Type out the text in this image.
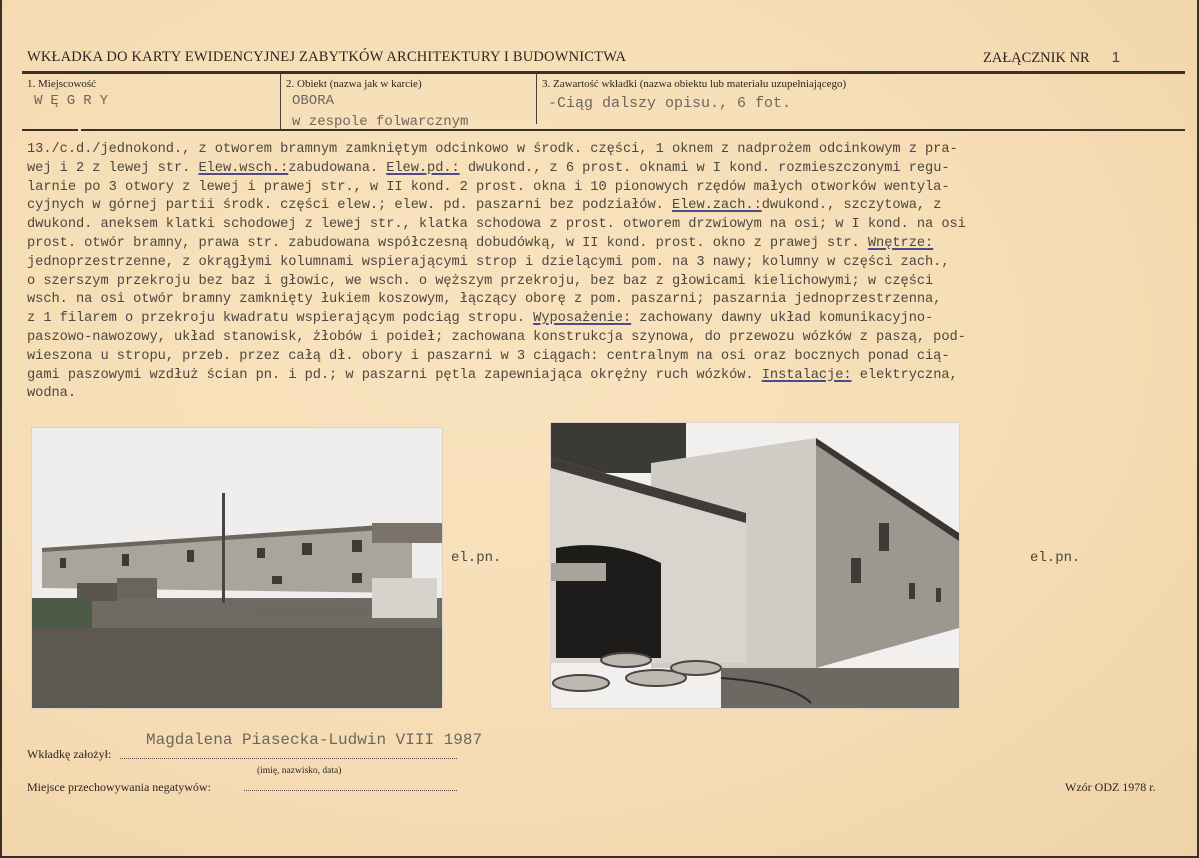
WKŁADKA DO KARTY EWIDENCYJNEJ ZABYTKÓW ARCHITEKTURY I BUDOWNICTWA	ZAŁĄCZNIK NR 1
1. Miejscowość
WĘGRY
2. Obiekt (nazwa jak w karcie)
OBORA
w zespole folwarcznym
3. Zawartość wkładki (nazwa obiektu lub materiału uzupełniającego)
-Ciąg dalszy opisu., 6 fot.
13./c.d./jednokond., z otworem bramnym zamkniętym odcinkowo w środk. części, 1 oknem z nadprożem odcinkowym z pra-
wej i 2 z lewej str. Elew.wsch.:zabudowana. Elew.pd.: dwukond., z 6 prost. oknami w I kond. rozmieszczonymi regu-
larnie po 3 otwory z lewej i prawej str., w II kond. 2 prost. okna i 10 pionowych rzędów małych otworków wentyla-
cyjnych w górnej partii środk. części elew.; elew. pd. paszarni bez podziałów. Elew.zach.:dwukond., szczytowa, z
dwukond. aneksem klatki schodowej z lewej str., klatka schodowa z prost. otworem drzwiowym na osi; w I kond. na osi
prost. otwór bramny, prawa str. zabudowana współczesną dobudówką, w II kond. prost. okno z prawej str. Wnętrze:
jednoprzestrzenne, z okrągłymi kolumnami wspierającymi strop i dzielącymi pom. na 3 nawy; kolumny w części zach.,
o szerszym przekroju bez baz i głowic, we wsch. o węższym przekroju, bez baz z głowicami kielichowymi; w części
wsch. na osi otwór bramny zamknięty łukiem koszowym, łączący oborę z pom. paszarni; paszarnia jednoprzestrzenna,
z 1 filarem o przekroju kwadratu wspierającym podciąg stropu. Wyposażenie: zachowany dawny układ komunikacyjno-
paszowo-nawozowy, układ stanowisk, żłobów i poideł; zachowana konstrukcja szynowa, do przewozu wózków z paszą, pod-
wieszona u stropu, przeb. przez całą dł. obory i paszarni w 3 ciągach: centralnym na osi oraz bocznych ponad cią-
gami paszowymi wzdłuż ścian pn. i pd.; w paszarni pętla zapewniająca okrężny ruch wózków. Instalacje: elektryczna,
wodna.
el.pn.	el.pn.
Magdalena Piasecka-Ludwin VIII 1987
Wkładkę założył:
(imię, nazwisko, data)
Miejsce przechowywania negatywów:	Wzór ODZ 1978 r.
